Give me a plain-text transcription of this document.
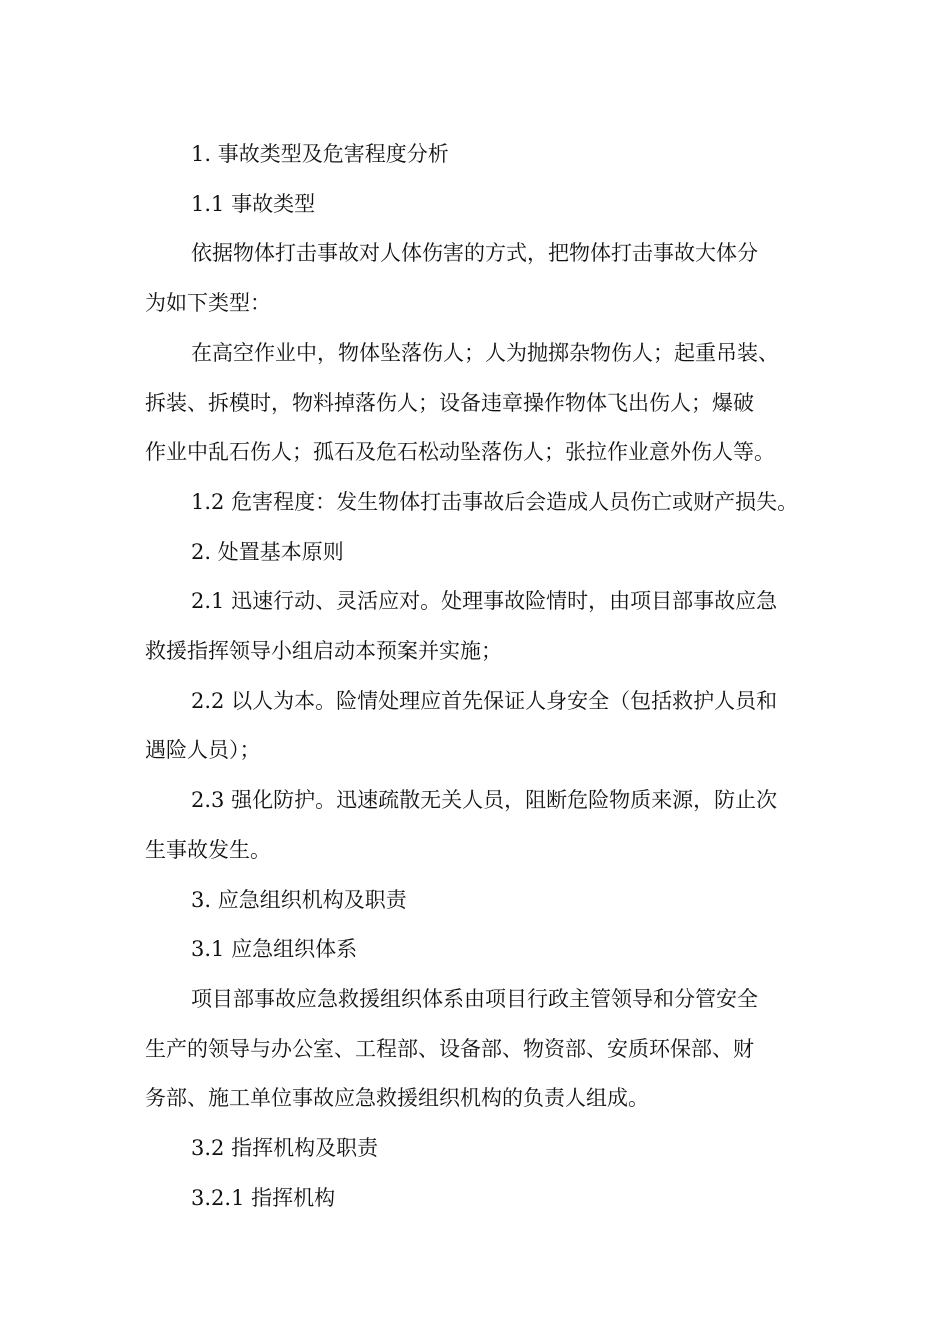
1. 事故类型及危害程度分析

1.1 事故类型

依据物体打击事故对人体伤害的方式，把物体打击事故大体分

为如下类型：

在高空作业中，物体坠落伤人；人为抛掷杂物伤人；起重吊装、

拆装、拆模时，物料掉落伤人；设备违章操作物体飞出伤人；爆破

作业中乱石伤人；孤石及危石松动坠落伤人；张拉作业意外伤人等。

1.2 危害程度：发生物体打击事故后会造成人员伤亡或财产损失。

2. 处置基本原则

2.1 迅速行动、灵活应对。处理事故险情时，由项目部事故应急

救援指挥领导小组启动本预案并实施；

2.2 以人为本。险情处理应首先保证人身安全（包括救护人员和

遇险人员）；

2.3 强化防护。迅速疏散无关人员，阻断危险物质来源，防止次

生事故发生。

3. 应急组织机构及职责

3.1 应急组织体系

项目部事故应急救援组织体系由项目行政主管领导和分管安全

生产的领导与办公室、工程部、设备部、物资部、安质环保部、财

务部、施工单位事故应急救援组织机构的负责人组成。

3.2 指挥机构及职责

3.2.1 指挥机构
